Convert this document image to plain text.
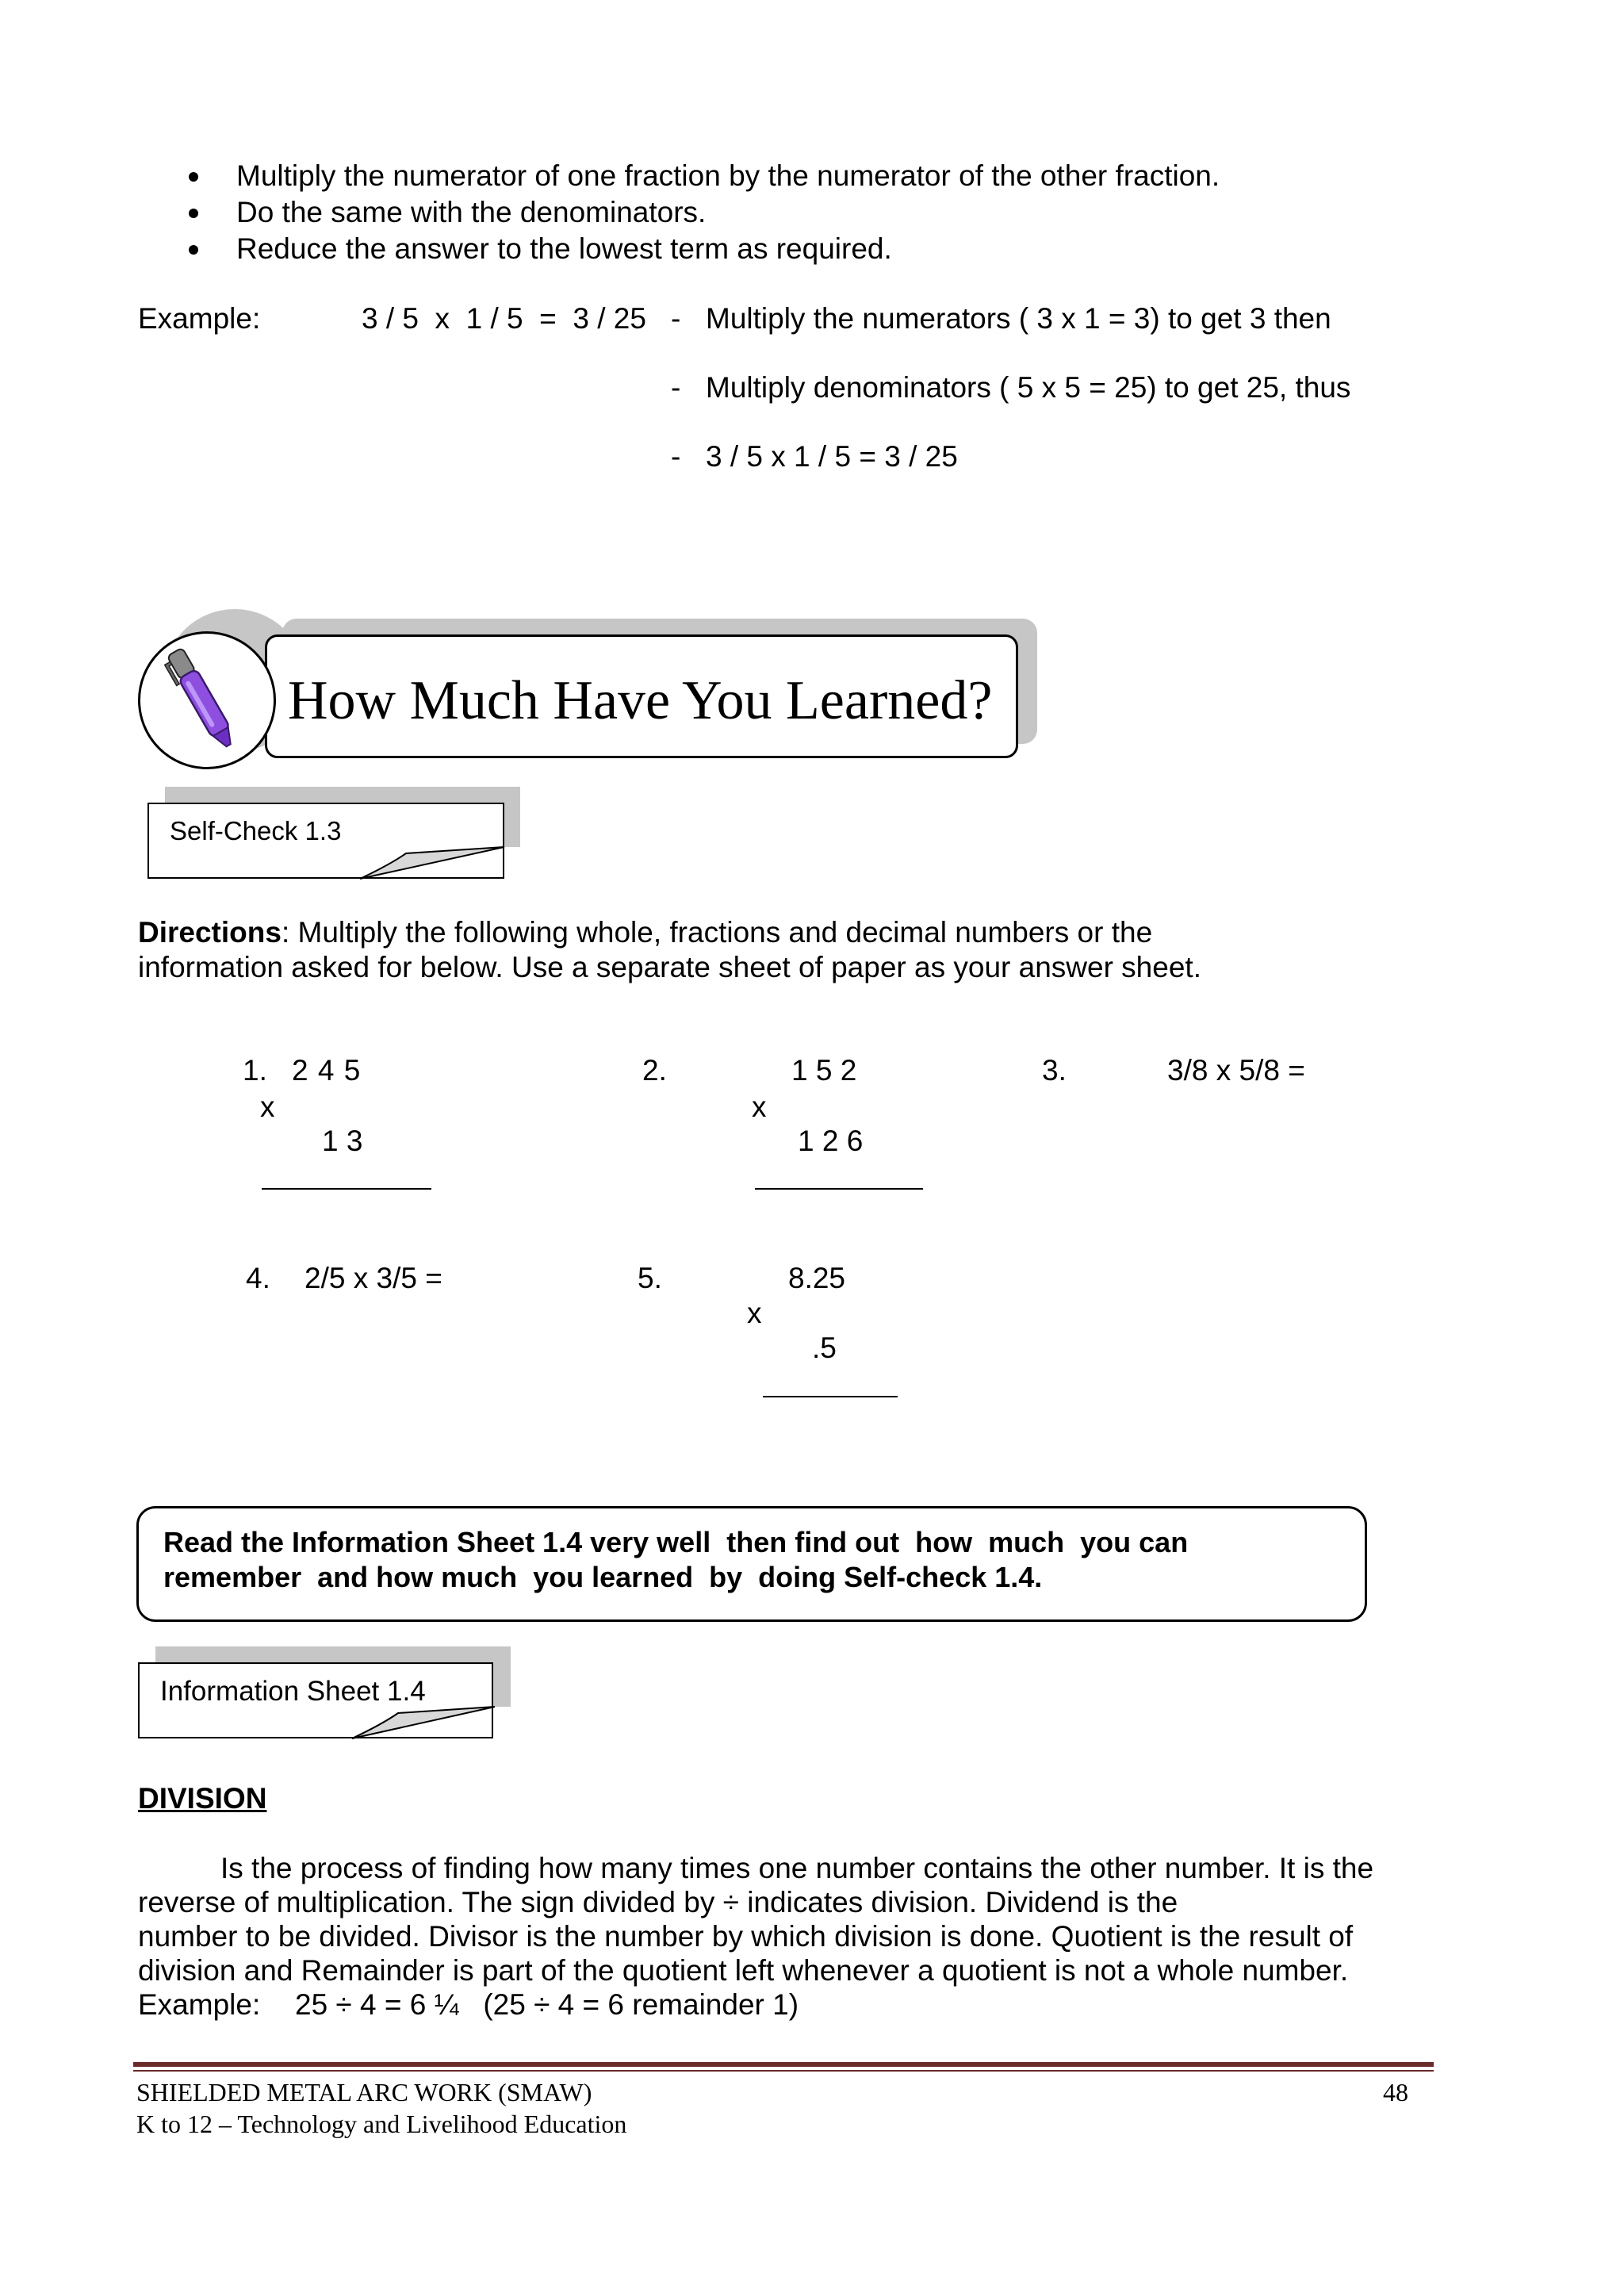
Multiply the numerator of one fraction by the numerator of the other fraction.
Do the same with the denominators.
Reduce the answer to the lowest term as required.
Example:	3 / 5  x  1 / 5  =  3 / 25 - Multiply the numerators ( 3 x 1 = 3) to get 3 then
- Multiply denominators ( 5 x 5 = 25) to get 25, thus
- 3 / 5 x 1 / 5 = 3 / 25
How Much Have You Learned?
Self-Check 1.3
Directions: Multiply the following whole, fractions and decimal numbers or the
information asked for below. Use a separate sheet of paper as your answer sheet.
1. 2 4 5
x
1 3
2.	1 5 2
x
1 2 6
3.	3/8 x 5/8 =
4. 2/5 x 3/5 =	5.	8.25
x
.5
Read the Information Sheet 1.4 very well  then find out  how  much  you can
remember  and how much  you learned  by  doing Self-check 1.4.
Information Sheet 1.4
DIVISION
Is the process of finding how many times one number contains the other number. It is the
reverse of multiplication. The sign divided by ÷ indicates division. Dividend is the
number to be divided. Divisor is the number by which division is done. Quotient is the result of
division and Remainder is part of the quotient left whenever a quotient is not a whole number.
Example: 25 ÷ 4 = 6 ¼   (25 ÷ 4 = 6 remainder 1)
SHIELDED METAL ARC WORK (SMAW)
K to 12 – Technology and Livelihood Education
48
